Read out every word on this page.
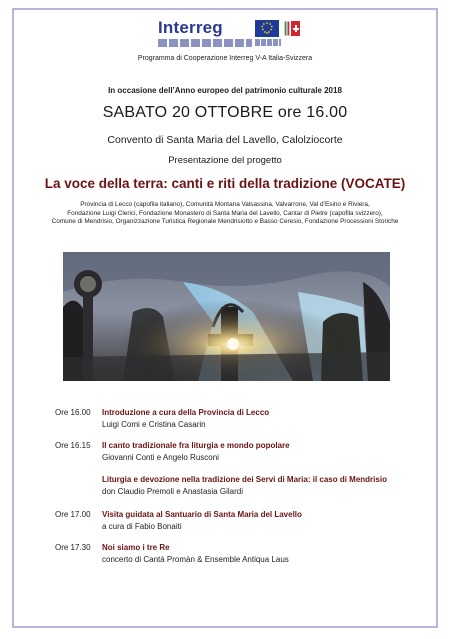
Interreg
Programma di Cooperazione Interreg V-A Italia-Svizzera
In occasione dell’Anno europeo del patrimonio culturale 2018
SABATO 20 OTTOBRE ore 16.00
Convento di Santa Maria del Lavello, Calolziocorte
Presentazione del progetto
La voce della terra: canti e riti della tradizione (VOCATE)
Provincia di Lecco (capofila italiano), Comunità Montana Valsassina, Valvarrone, Val d’Esino e Riviera,
Fondazione Luigi Clerici, Fondazione Monastero di Santa Maria del Lavello, Cantar di Pietre (capofila svizzero),
Comune di Mendrisio, Organizzazione Turistica Regionale Mendrisiotto e Basso Ceresio, Fondazione Processioni Storiche
Ore 16.00 Introduzione a cura della Provincia di Lecco
Luigi Comi e Cristina Casarin
Ore 16.15 Il canto tradizionale fra liturgia e mondo popolare
Giovanni Conti e Angelo Rusconi
Liturgia e devozione nella tradizione dei Servi di Maria: il caso di Mendrisio
don Claudio Premoli e Anastasia Gilardi
Ore 17.00 Visita guidata al Santuario di Santa Maria del Lavello
a cura di Fabio Bonaiti
Ore 17.30 Noi siamo i tre Re
concerto di Cantà Promàn & Ensemble Antiqua Laus
